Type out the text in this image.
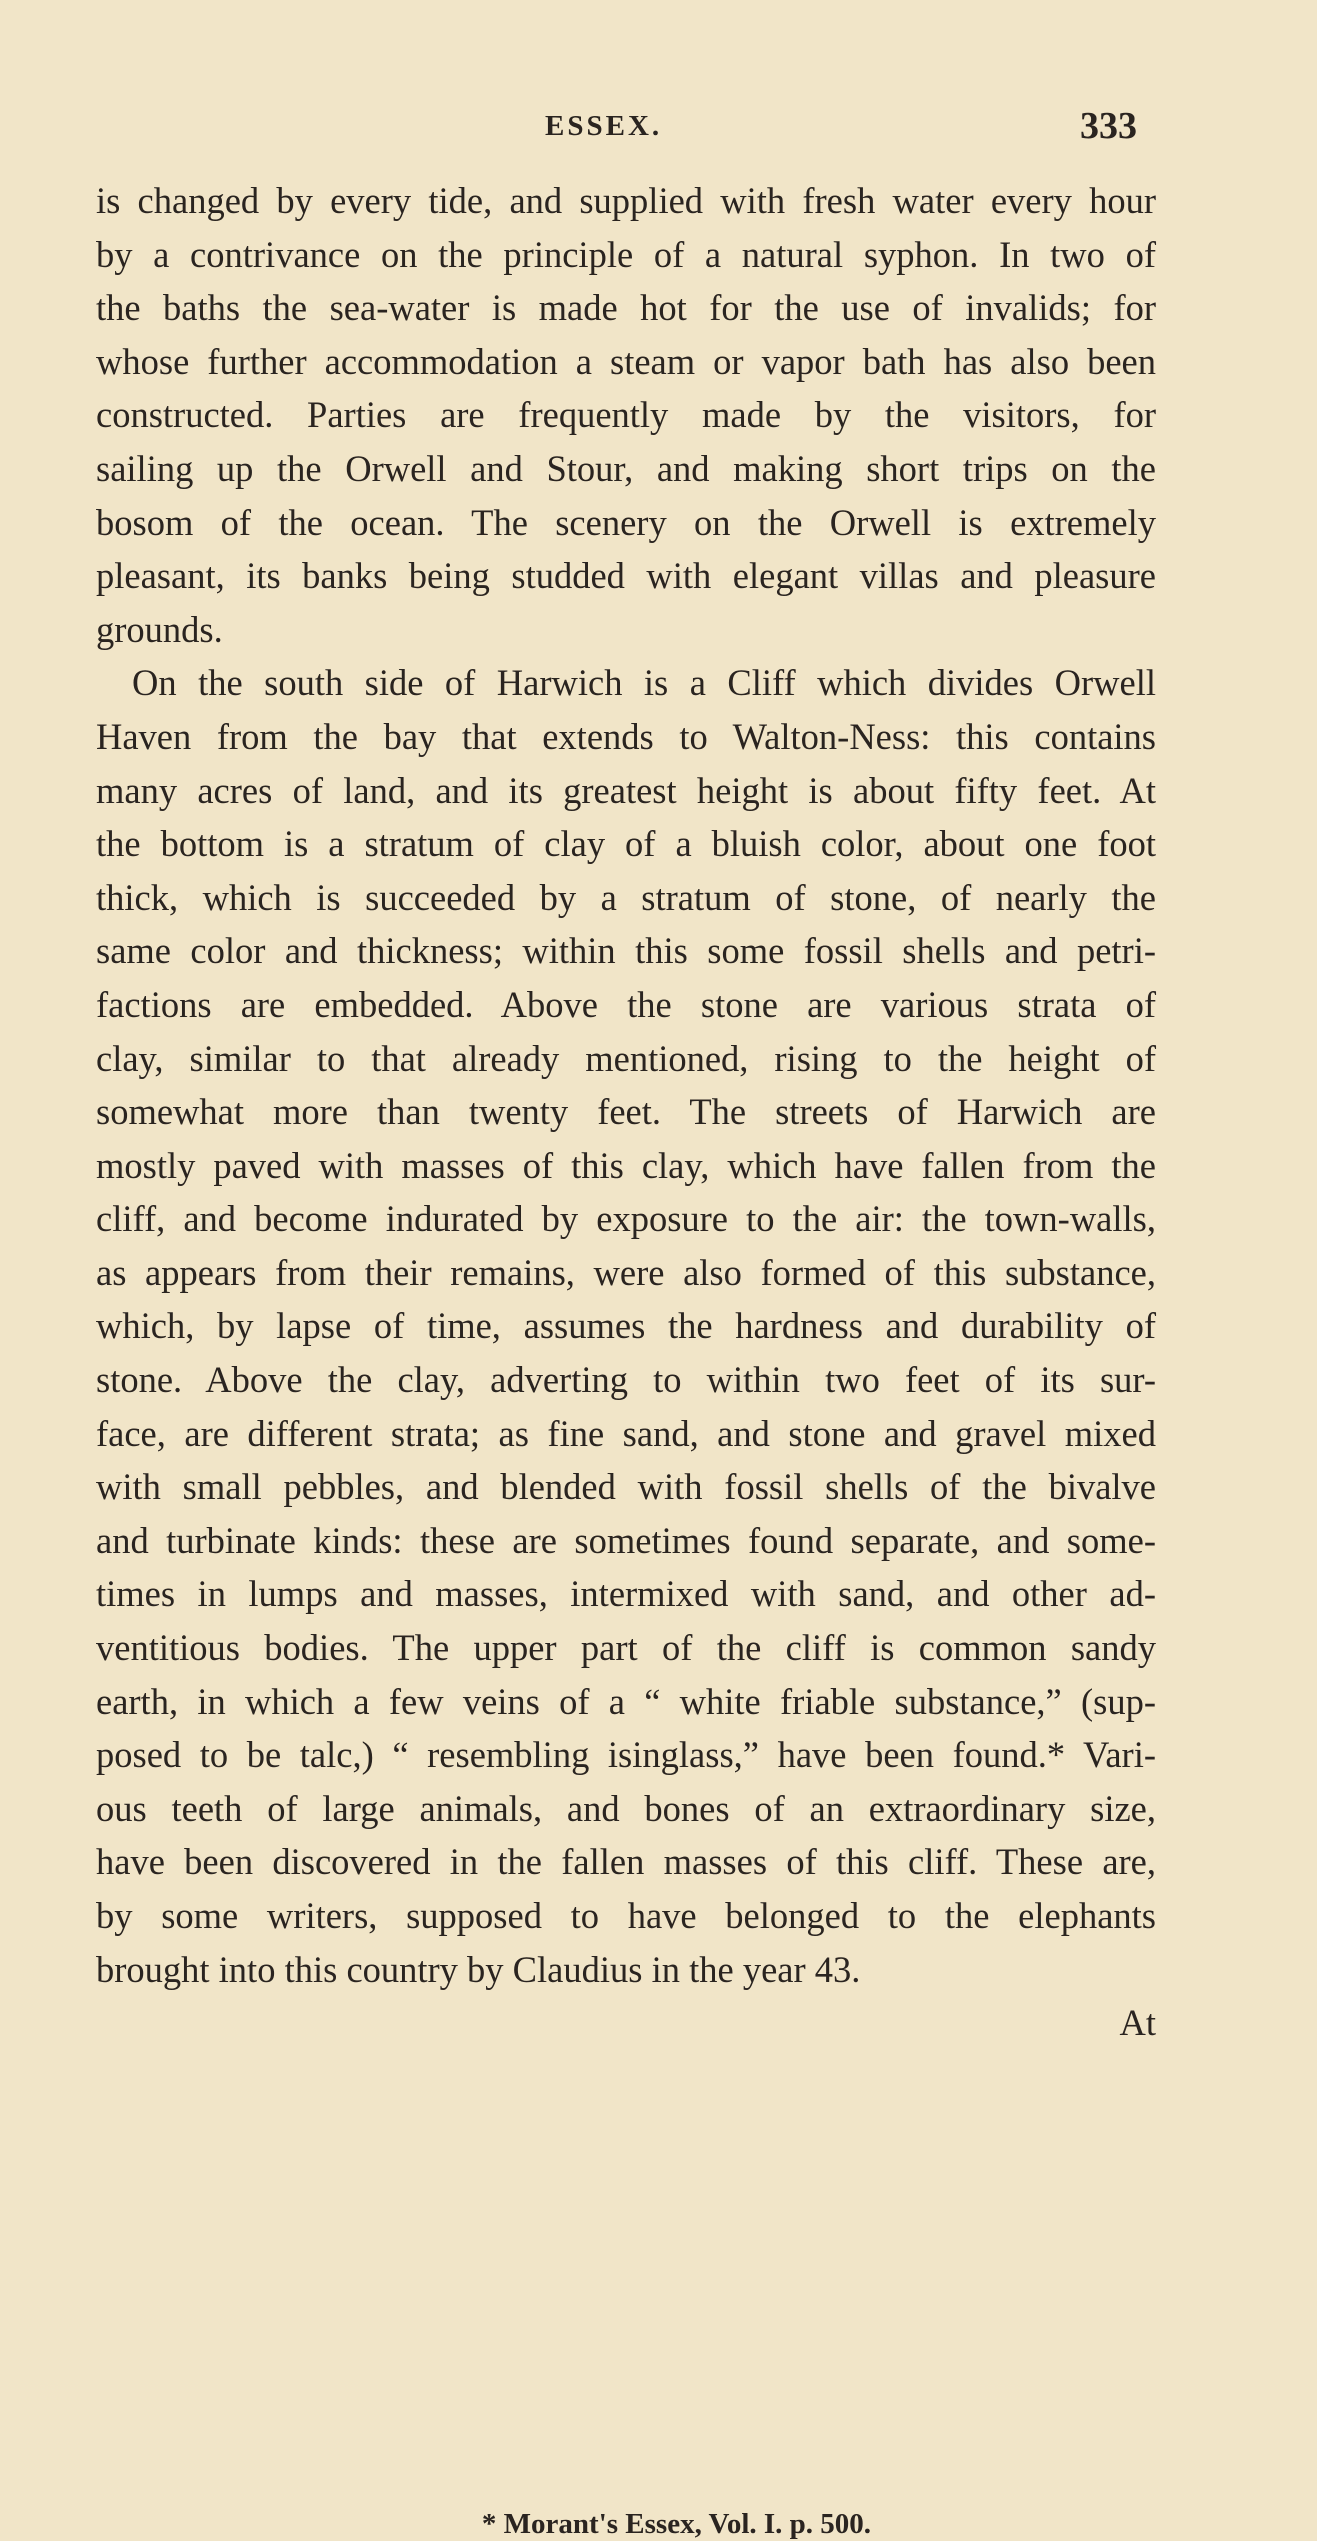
ESSEX.	333
is changed by every tide, and supplied with fresh water every hour
by a contrivance on the principle of a natural syphon. In two of
the baths the sea-water is made hot for the use of invalids; for
whose further accommodation a steam or vapor bath has also been
constructed. Parties are frequently made by the visitors, for
sailing up the Orwell and Stour, and making short trips on the
bosom of the ocean. The scenery on the Orwell is extremely
pleasant, its banks being studded with elegant villas and pleasure
grounds.
On the south side of Harwich is a Cliff which divides Orwell
Haven from the bay that extends to Walton-Ness: this contains
many acres of land, and its greatest height is about fifty feet. At
the bottom is a stratum of clay of a bluish color, about one foot
thick, which is succeeded by a stratum of stone, of nearly the
same color and thickness; within this some fossil shells and petri-
factions are embedded. Above the stone are various strata of
clay, similar to that already mentioned, rising to the height of
somewhat more than twenty feet. The streets of Harwich are
mostly paved with masses of this clay, which have fallen from the
cliff, and become indurated by exposure to the air: the town-walls,
as appears from their remains, were also formed of this substance,
which, by lapse of time, assumes the hardness and durability of
stone. Above the clay, adverting to within two feet of its sur-
face, are different strata; as fine sand, and stone and gravel mixed
with small pebbles, and blended with fossil shells of the bivalve
and turbinate kinds: these are sometimes found separate, and some-
times in lumps and masses, intermixed with sand, and other ad-
ventitious bodies. The upper part of the cliff is common sandy
earth, in which a few veins of a “ white friable substance,” (sup-
posed to be talc,) “ resembling isinglass,” have been found.* Vari-
ous teeth of large animals, and bones of an extraordinary size,
have been discovered in the fallen masses of this cliff. These are,
by some writers, supposed to have belonged to the elephants
brought into this country by Claudius in the year 43.
At
* Morant's Essex, Vol. I. p. 500.
